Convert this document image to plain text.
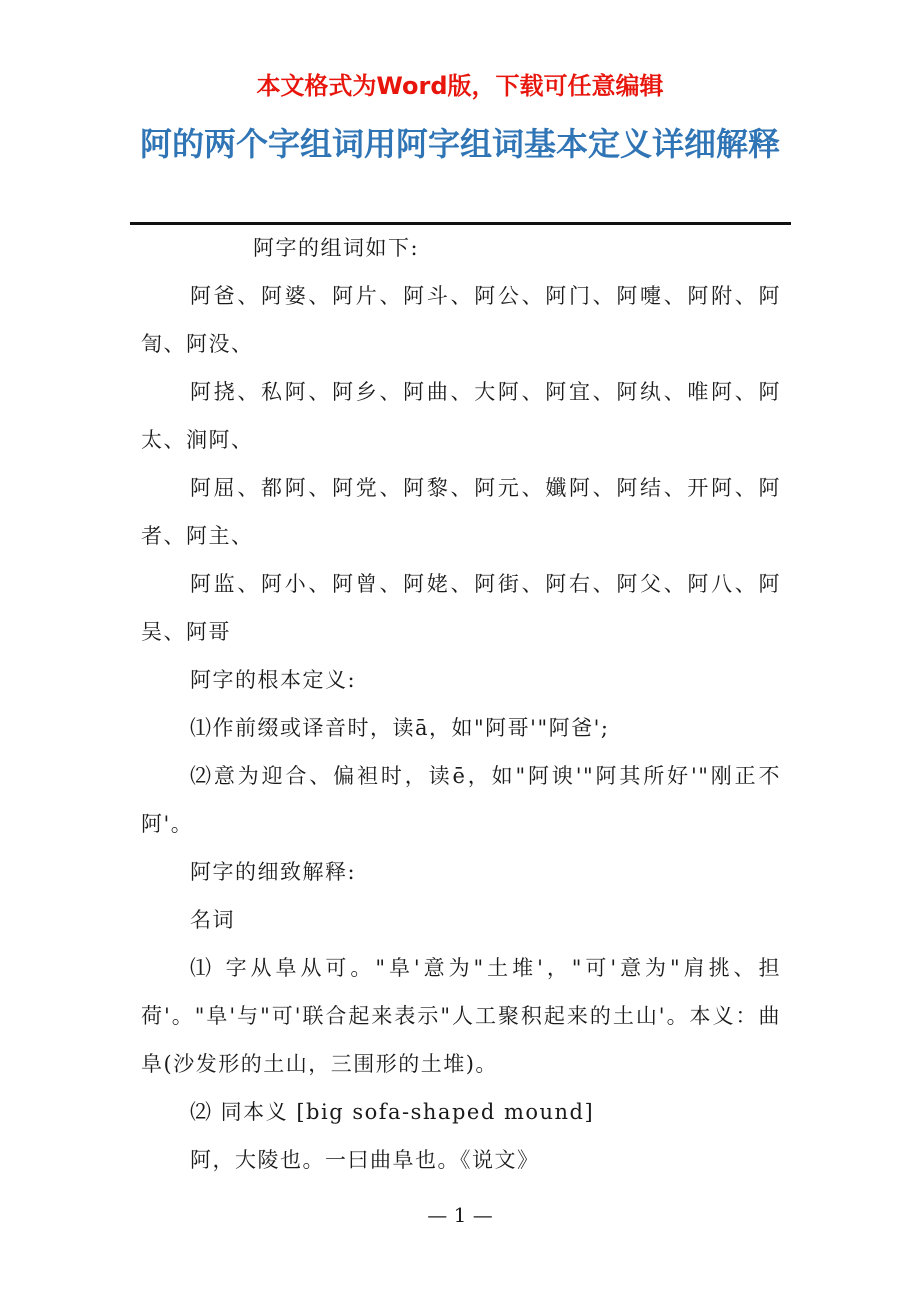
本文格式为Word版，下载可任意编辑
阿的两个字组词用阿字组词基本定义详细解释

阿字的组词如下:

阿爸、阿婆、阿片、阿斗、阿公、阿门、阿嚏、阿附、阿訇、阿没、

阿挠、私阿、阿乡、阿曲、大阿、阿宜、阿纨、唯阿、阿太、涧阿、

阿屈、都阿、阿党、阿黎、阿元、孅阿、阿结、开阿、阿者、阿主、

阿监、阿小、阿曾、阿姥、阿街、阿右、阿父、阿八、阿吴、阿哥

阿字的根本定义:

⑴作前缀或译音时，读ā，如"阿哥'"阿爸';

⑵意为迎合、偏袒时，读ē，如"阿谀'"阿其所好'"刚正不阿'。

阿字的细致解释:

名词

⑴ 字从阜从可。"阜'意为"土堆'，"可'意为"肩挑、担荷'。"阜'与"可'联合起来表示"人工聚积起来的土山'。本义：曲阜(沙发形的土山，三围形的土堆)。

⑵ 同本义 [big sofa-shaped mound]

阿，大陵也。一曰曲阜也。《说文》

— 1 —
